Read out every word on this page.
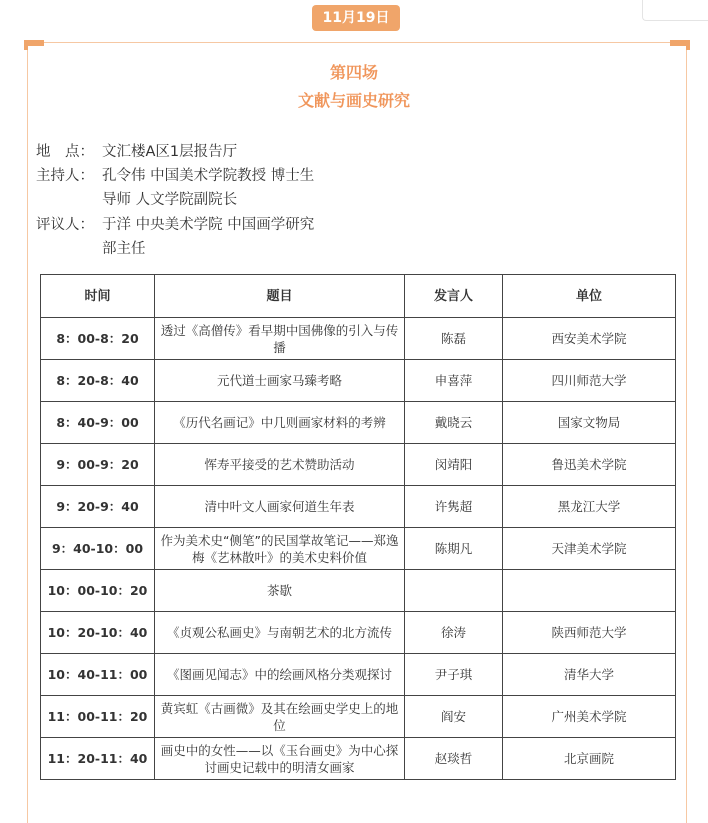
11月19日
第四场
文献与画史研究
地　点： 文汇楼A区1层报告厅
主持人： 孔令伟 中国美术学院教授 博士生
导师 人文学院副院长
评议人： 于洋 中央美术学院 中国画学研究
部主任
时间	题目	发言人	单位
8：00-8：20	透过《高僧传》看早期中国佛像的引入与传播	陈磊	西安美术学院
8：20-8：40	元代道士画家马臻考略	申喜萍	四川师范大学
8：40-9：00	《历代名画记》中几则画家材料的考辨	戴晓云	国家文物局
9：00-9：20	恽寿平接受的艺术赞助活动	闵靖阳	鲁迅美术学院
9：20-9：40	清中叶文人画家何道生年表	许隽超	黑龙江大学
9：40-10：00	作为美术史“侧笔”的民国掌故笔记——郑逸梅《艺林散叶》的美术史料价值	陈期凡	天津美术学院
10：00-10：20	茶歇		
10：20-10：40	《贞观公私画史》与南朝艺术的北方流传	徐涛	陕西师范大学
10：40-11：00	《图画见闻志》中的绘画风格分类观探讨	尹子琪	清华大学
11：00-11：20	黄宾虹《古画微》及其在绘画史学史上的地位	阎安	广州美术学院
11：20-11：40	画史中的女性——以《玉台画史》为中心探讨画史记载中的明清女画家	赵琰哲	北京画院
